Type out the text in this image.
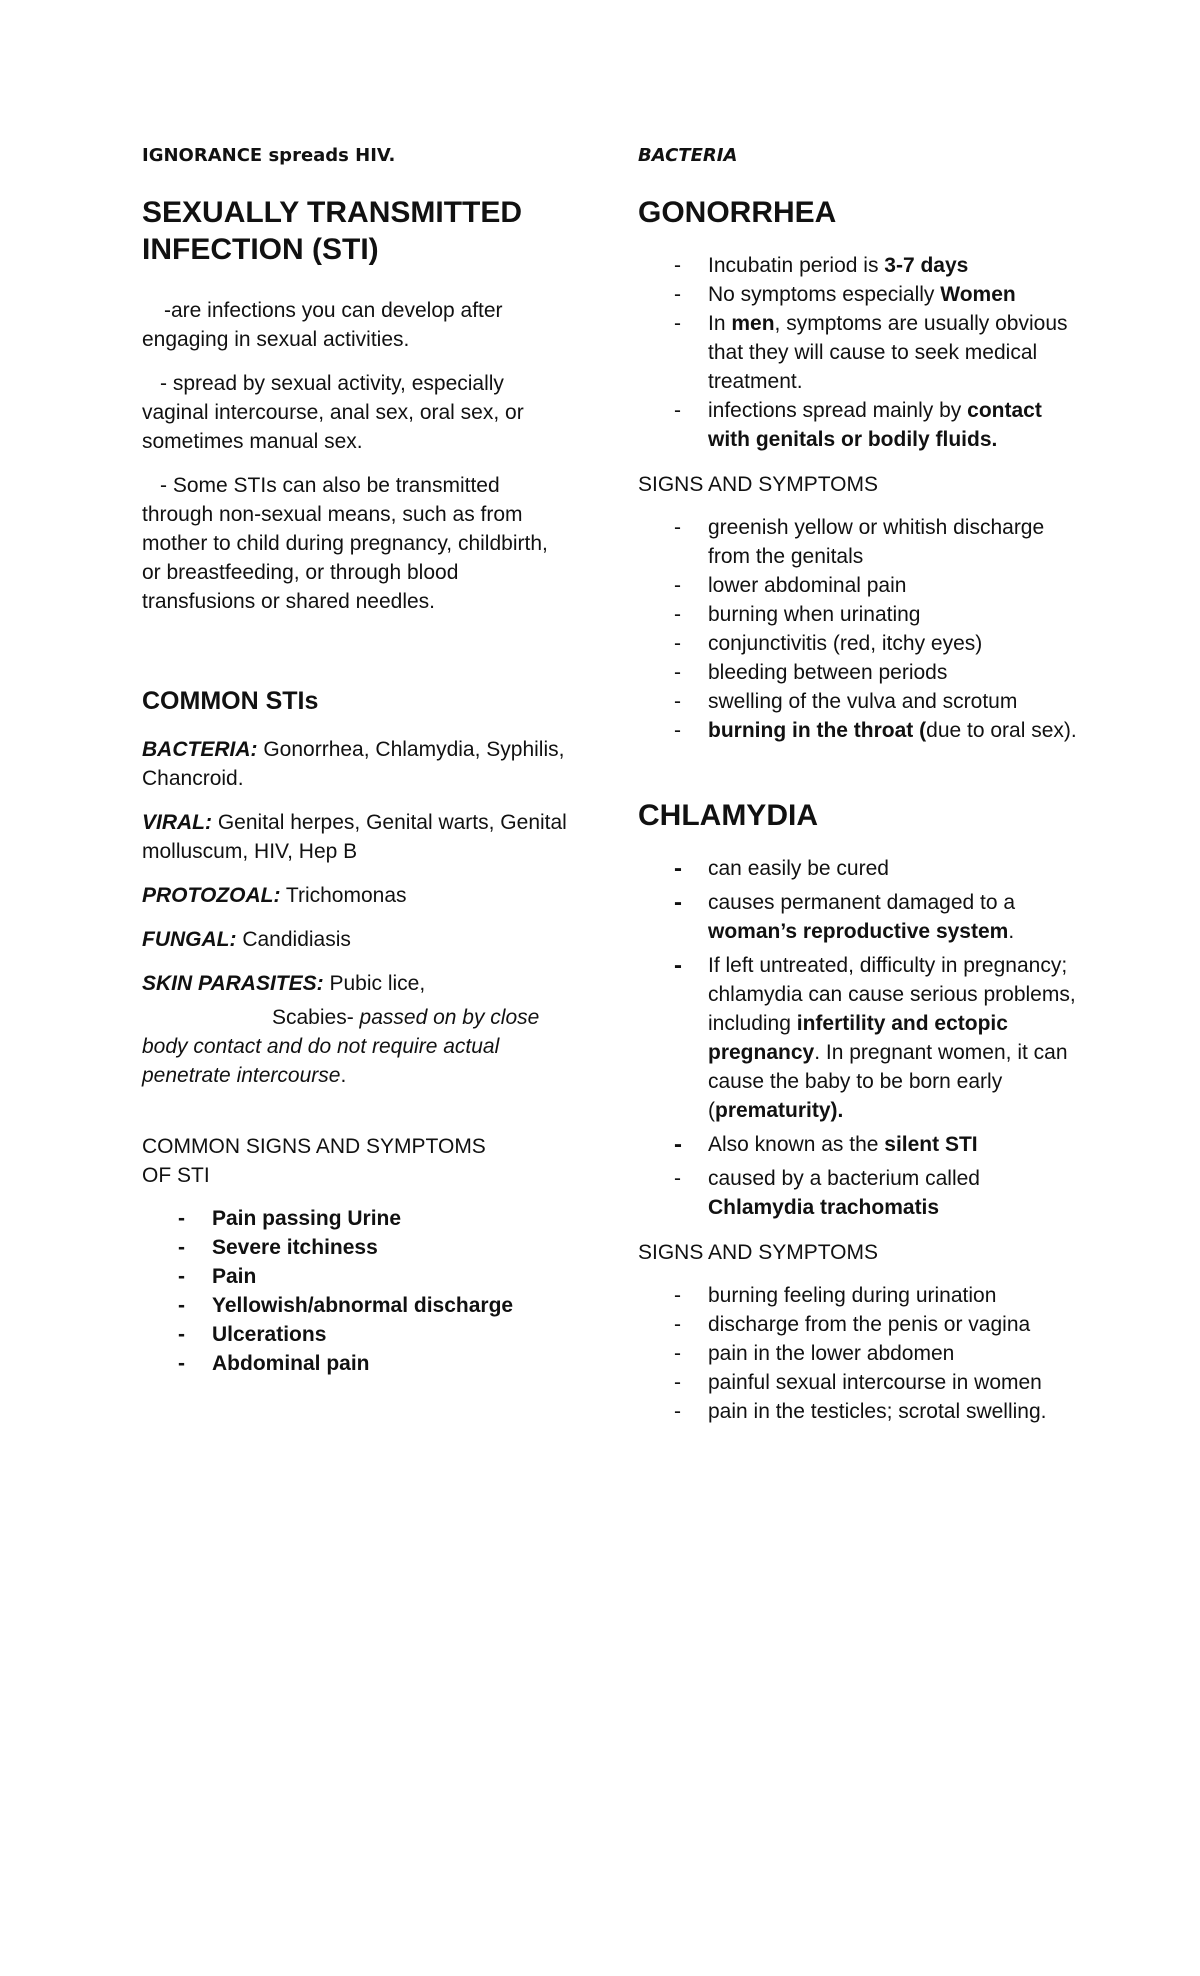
IGNORANCE spreads HIV.

SEXUALLY TRANSMITTED
INFECTION (STI)

-are infections you can develop after engaging in sexual activities.

- spread by sexual activity, especially vaginal intercourse, anal sex, oral sex, or sometimes manual sex.

- Some STIs can also be transmitted through non-sexual means, such as from mother to child during pregnancy, childbirth, or breastfeeding, or through blood transfusions or shared needles.

COMMON STIs

BACTERIA: Gonorrhea, Chlamydia, Syphilis, Chancroid.

VIRAL: Genital herpes, Genital warts, Genital molluscum, HIV, Hep B

PROTOZOAL: Trichomonas

FUNGAL: Candidiasis

SKIN PARASITES: Pubic lice,

Scabies- passed on by close body contact and do not require actual penetrate intercourse.

COMMON SIGNS AND SYMPTOMS
OF STI
- Pain passing Urine
- Severe itchiness
- Pain
- Yellowish/abnormal discharge
- Ulcerations
- Abdominal pain

BACTERIA

GONORRHEA
- Incubatin period is 3-7 days
- No symptoms especially Women
- In men, symptoms are usually obvious that they will cause to seek medical treatment.
- infections spread mainly by contact with genitals or bodily fluids.
SIGNS AND SYMPTOMS
- greenish yellow or whitish discharge from the genitals
- lower abdominal pain
- burning when urinating
- conjunctivitis (red, itchy eyes)
- bleeding between periods
- swelling of the vulva and scrotum
- burning in the throat (due to oral sex).
CHLAMYDIA
- can easily be cured
- causes permanent damaged to a woman’s reproductive system.
- If left untreated, difficulty in pregnancy; chlamydia can cause serious problems, including infertility and ectopic pregnancy. In pregnant women, it can cause the baby to be born early (prematurity).
- Also known as the silent STI
- caused by a bacterium called Chlamydia trachomatis
SIGNS AND SYMPTOMS
- burning feeling during urination
- discharge from the penis or vagina
- pain in the lower abdomen
- painful sexual intercourse in women
- pain in the testicles; scrotal swelling.
